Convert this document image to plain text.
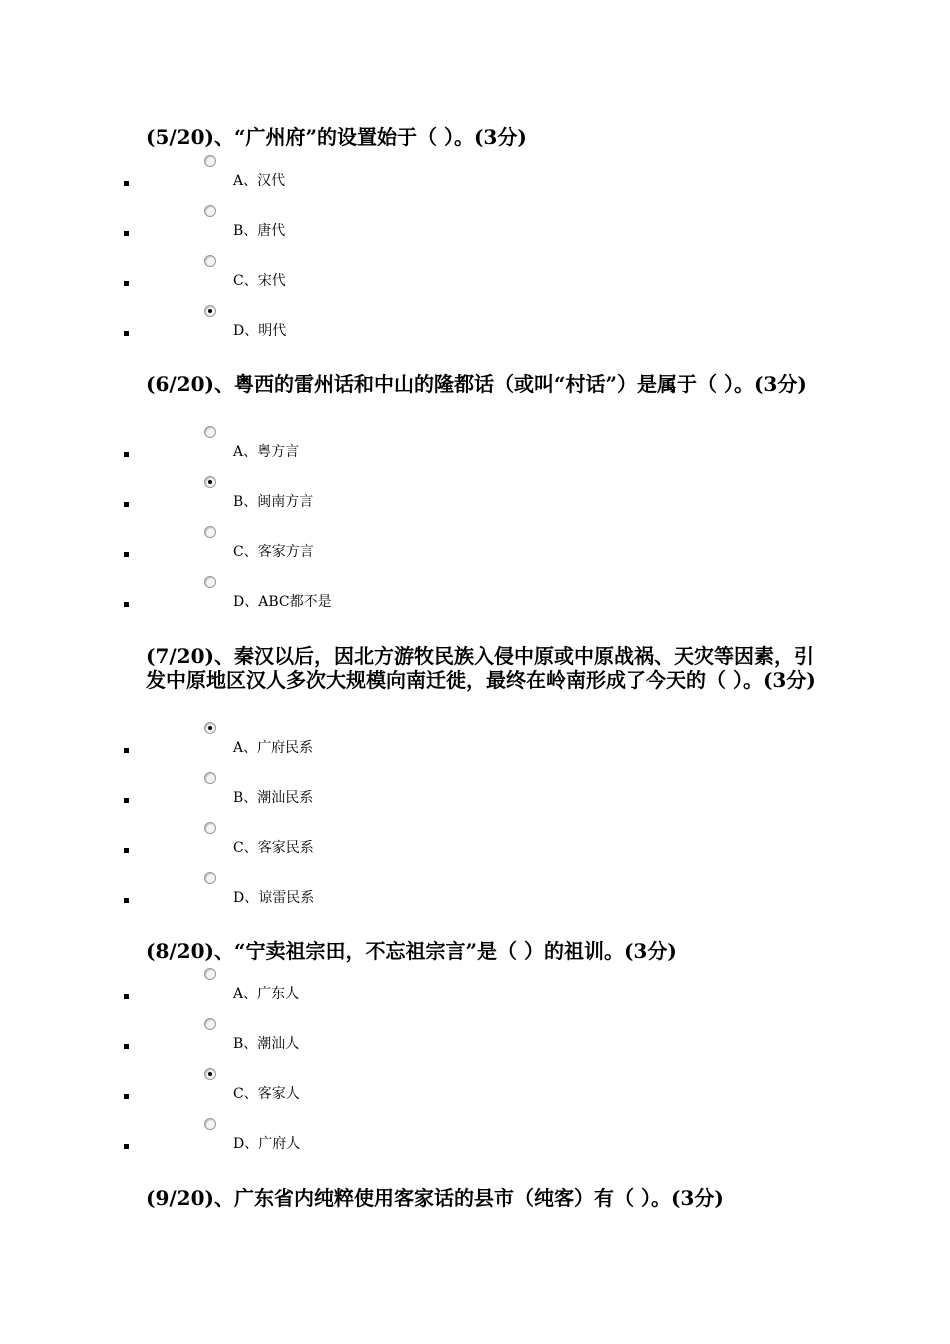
(5/20)、“广州府”的设置始于（ ）。(3分)

A、汉代
B、唐代
C、宋代
D、明代

(6/20)、粤西的雷州话和中山的隆都话（或叫“村话”）是属于（ ）。(3分)

A、粤方言
B、闽南方言
C、客家方言
D、ABC都不是

(7/20)、秦汉以后，因北方游牧民族入侵中原或中原战祸、天灾等因素，引发中原地区汉人多次大规模向南迁徙，最终在岭南形成了今天的（ ）。(3分)

A、广府民系
B、潮汕民系
C、客家民系
D、谅雷民系

(8/20)、“宁卖祖宗田，不忘祖宗言”是（ ）的祖训。(3分)

A、广东人
B、潮汕人
C、客家人
D、广府人

(9/20)、广东省内纯粹使用客家话的县市（纯客）有（ ）。(3分)
